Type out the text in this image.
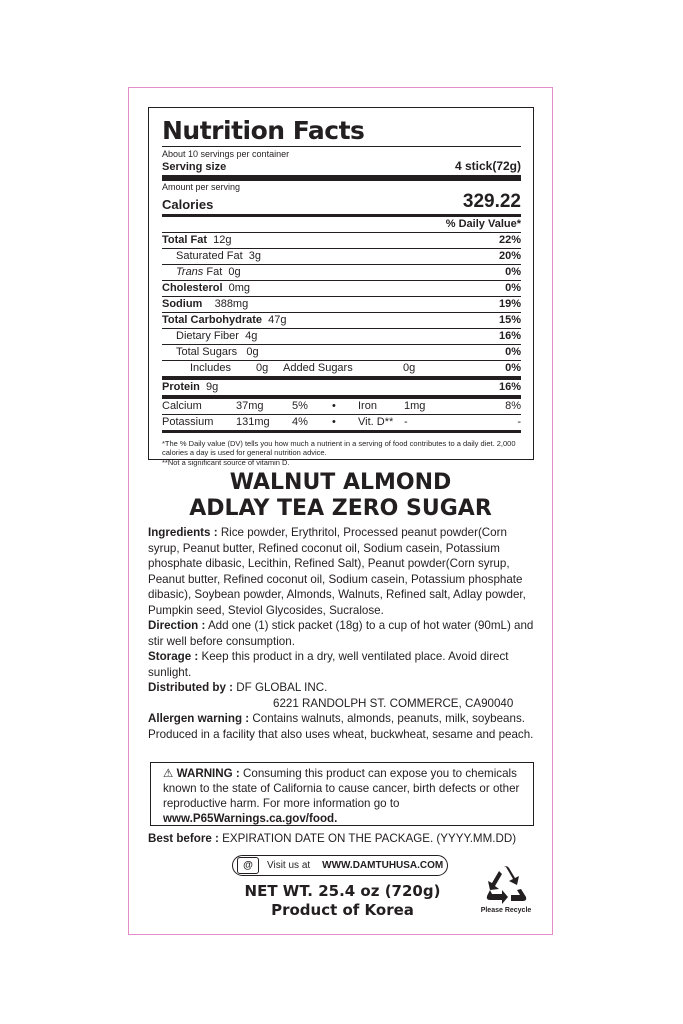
Nutrition Facts
About 10 servings per container
Serving size	4 stick(72g)
Amount per serving
Calories	329.22
% Daily Value*
Total Fat 12g	22%
Saturated Fat 3g	20%
Trans Fat 0g	0%
Cholesterol 0mg	0%
Sodium 388mg	19%
Total Carbohydrate 47g	15%
Dietary Fiber 4g	16%
Total Sugars 0g	0%
Includes	0g	Added Sugars	0g	0%
Protein 9g	16%
Calcium	37mg	5%	•	Iron	1mg	8%
Potassium	131mg	4%	•	Vit. D** -	-
*The % Daily value (DV) tells you how much a nutrient in a serving of food contributes to a daily diet. 2,000 calories a day is used for general nutrition advice.
**Not a significant source of vitamin D.
WALNUT ALMOND
ADLAY TEA ZERO SUGAR

Ingredients : Rice powder, Erythritol, Processed peanut powder(Corn syrup, Peanut butter, Refined coconut oil, Sodium casein, Potassium phosphate dibasic, Lecithin, Refined Salt), Peanut powder(Corn syrup, Peanut butter, Refined coconut oil, Sodium casein, Potassium phosphate dibasic), Soybean powder, Almonds, Walnuts, Refined salt, Adlay powder, Pumpkin seed, Steviol Glycosides, Sucralose.

Direction : Add one (1) stick packet (18g) to a cup of hot water (90mL) and stir well before consumption.

Storage : Keep this product in a dry, well ventilated place. Avoid direct sunlight.

Distributed by : DF GLOBAL INC.

6221 RANDOLPH ST. COMMERCE, CA90040

Allergen warning : Contains walnuts, almonds, peanuts, milk, soybeans. Produced in a facility that also uses wheat, buckwheat, sesame and peach.

⚠ WARNING : Consuming this product can expose you to chemicals known to the state of California to cause cancer, birth defects or other reproductive harm. For more information go to www.P65Warnings.ca.gov/food.
Best before : EXPIRATION DATE ON THE PACKAGE. (YYYY.MM.DD)
@	Visit us at WWW.DAMTUHUSA.COM
NET WT. 25.4 oz (720g)
Product of Korea	Please Recycle
